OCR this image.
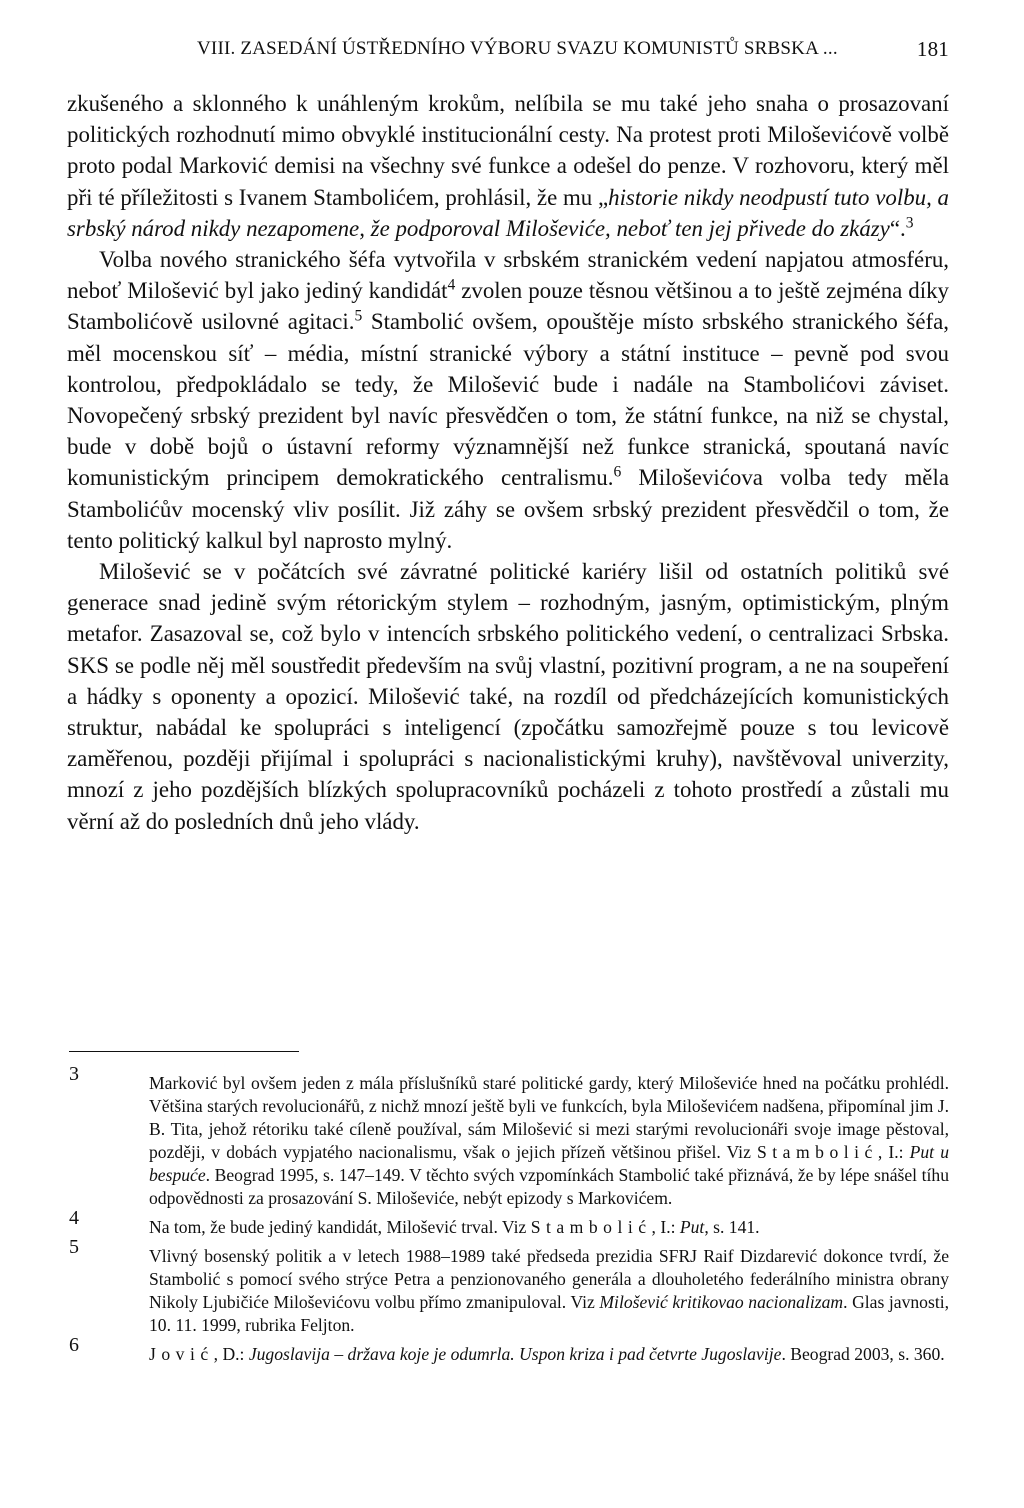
VIII. ZASEDÁNÍ ÚSTŘEDNÍHO VÝBORU SVAZU KOMUNISTŮ SRBSKA ...	181

zkušeného a sklonného k unáhleným krokům, nelíbila se mu také jeho snaha o prosazovaní politických rozhodnutí mimo obvyklé institucionální cesty. Na protest proti Miloševićově volbě proto podal Marković demisi na všechny své funkce a odešel do penze. V rozhovoru, který měl při té příležitosti s Ivanem Stambolićem, prohlásil, že mu „historie nikdy neodpustí tuto volbu, a srbský národ nikdy nezapomene, že podporoval Miloševiće, neboť ten jej přivede do zkázy“.$^3$

Volba nového stranického šéfa vytvořila v srbském stranickém vedení napjatou atmosféru, neboť Milošević byl jako jediný kandidát$^4$ zvolen pouze těsnou většinou a to ještě zejména díky Stambolićově usilovné agitaci.$^5$ Stambolić ovšem, opouštěje místo srbského stranického šéfa, měl mocenskou síť – média, místní stranické výbory a státní instituce – pevně pod svou kontrolou, předpokládalo se tedy, že Milošević bude i nadále na Stambolićovi záviset. Novopečený srbský prezident byl navíc přesvědčen o tom, že státní funkce, na niž se chystal, bude v době bojů o ústavní reformy významnější než funkce stranická, spoutaná navíc komunistickým principem demokratického centralismu.$^6$ Miloševićova volba tedy měla Stambolićův mocenský vliv posílit. Již záhy se ovšem srbský prezident přesvědčil o tom, že tento politický kalkul byl naprosto mylný.

Milošević se v počátcích své závratné politické kariéry lišil od ostatních politiků své generace snad jedině svým rétorickým stylem – rozhodným, jasným, optimistickým, plným metafor. Zasazoval se, což bylo v intencích srbského politického vedení, o centralizaci Srbska. SKS se podle něj měl soustředit především na svůj vlastní, pozitivní program, a ne na soupeření a hádky s oponenty a opozicí. Milošević také, na rozdíl od předcházejících komunistických struktur, nabádal ke spolupráci s inteligencí (zpočátku samozřejmě pouze s tou levicově zaměřenou, později přijímal i spolupráci s nacionalistickými kruhy), navštěvoval univerzity, mnozí z jeho pozdějších blízkých spolupracovníků pocházeli z tohoto prostředí a zůstali mu věrní až do posledních dnů jeho vlády.

3	Marković byl ovšem jeden z mála příslušníků staré politické gardy, který Miloševiće hned na počátku prohlédl. Většina starých revolucionářů, z nichž mnozí ještě byli ve funkcích, byla Miloševićem nadšena, připomínal jim J. B. Tita, jehož rétoriku také cíleně používal, sám Milošević si mezi starými revolucionáři svoje image pěstoval, později, v dobách vypjatého nacionalismu, však o jejich přízeň většinou přišel. Viz Stambolić, I.: Put u bespuće. Beograd 1995, s. 147–149. V těchto svých vzpomínkách Stambolić také přiznává, že by lépe snášel tíhu odpovědnosti za prosazování S. Miloševiće, nebýt epizody s Markovićem.
4	Na tom, že bude jediný kandidát, Milošević trval. Viz Stambolić, I.: Put, s. 141.
5	Vlivný bosenský politik a v letech 1988–1989 také předseda prezidia SFRJ Raif Dizdarević dokonce tvrdí, že Stambolić s pomocí svého strýce Petra a penzionovaného generála a dlouholetého federálního ministra obrany Nikoly Ljubičiće Miloševićovu volbu přímo zmanipuloval. Viz Milošević kritikovao nacionalizam. Glas javnosti, 10. 11. 1999, rubrika Feljton.
6	Jović, D.: Jugoslavija – država koje je odumrla. Uspon kriza i pad četvrte Jugoslavije. Beograd 2003, s. 360.
